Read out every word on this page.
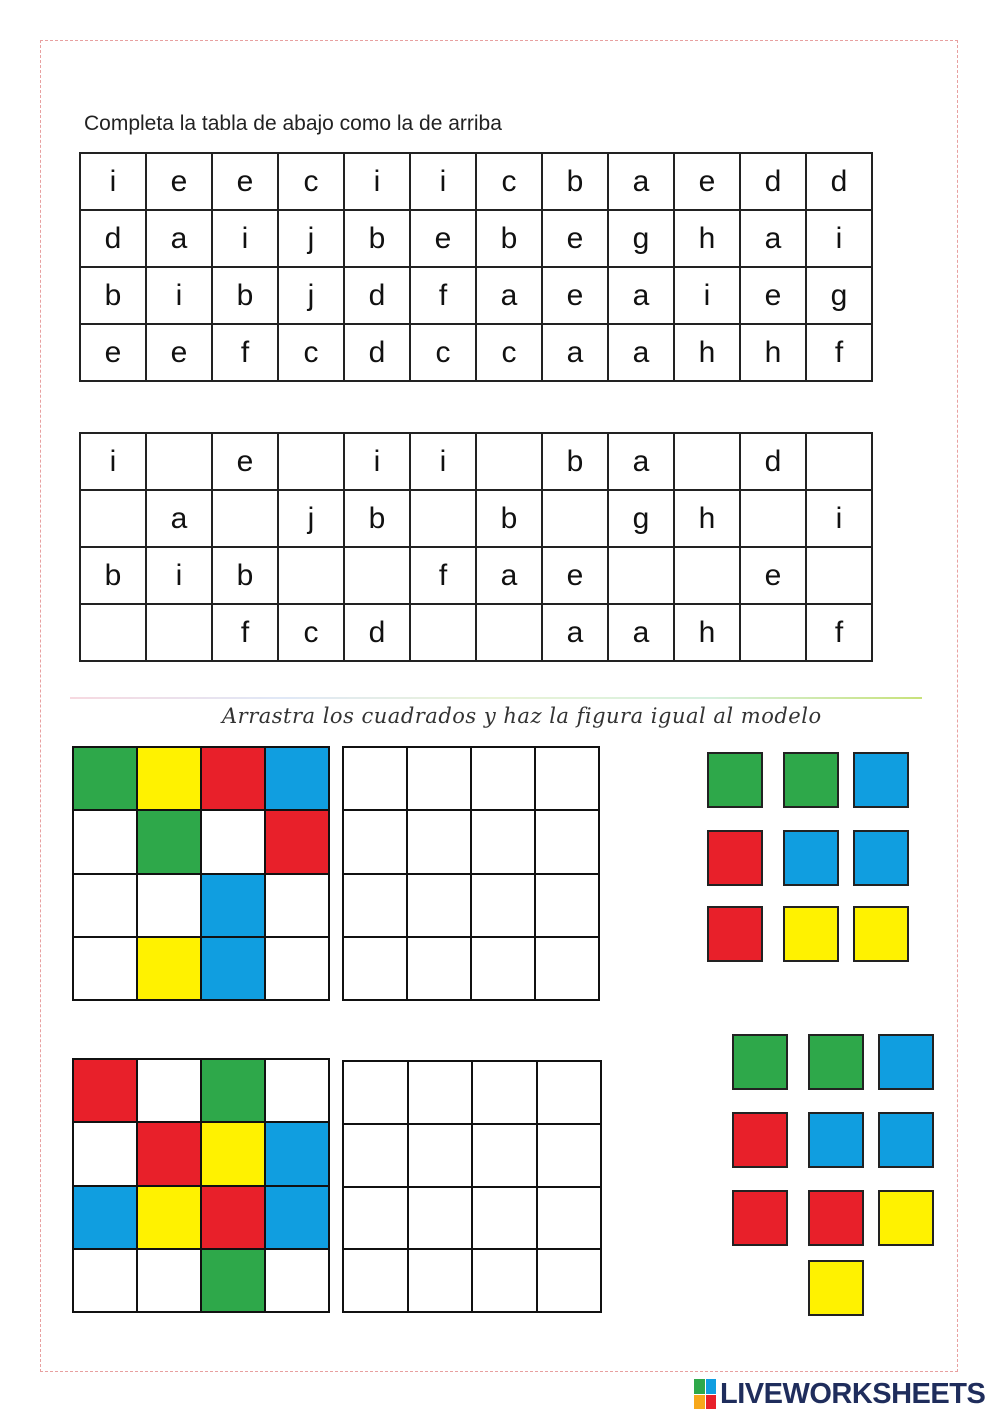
Completa la tabla de abajo como la de arriba
i	e	e	c	i	i	c	b	a	e	d	d
d	a	i	j	b	e	b	e	g	h	a	i
b	i	b	j	d	f	a	e	a	i	e	g
e	e	f	c	d	c	c	a	a	h	h	f
i		e		i	i		b	a		d	
	a		j	b		b		g	h		i
b	i	b			f	a	e			e	
		f	c	d			a	a	h		f
Arrastra los cuadrados y haz la figura igual al modelo
LIVEWORKSHEETS
